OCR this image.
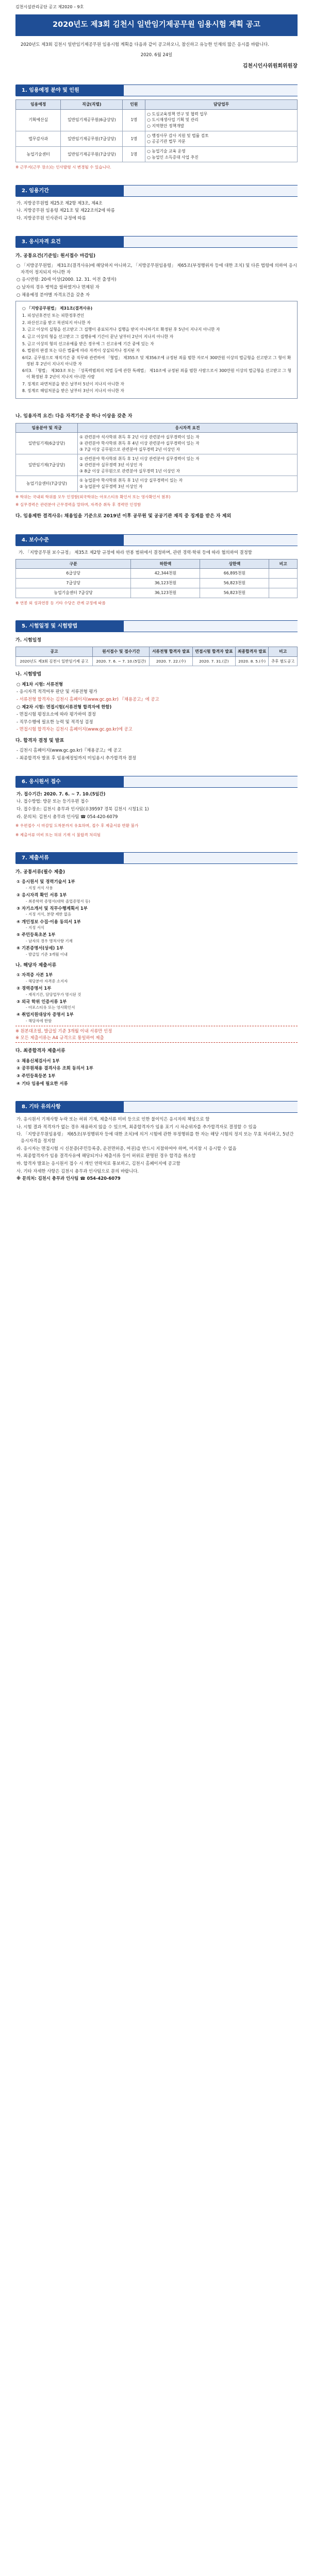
김천시설관리공단 공고 제2020 – 9호
2020년도 제3회 김천시 일반임기제공무원 임용시험 계획 공고
2020년도 제3회 김천시 일반임기제공무원 임용시험 계획을 다음과 같이 공고하오니, 참신하고 유능한 인재의 많은 응시를 바랍니다.
2020. 6월 24일
김천시인사위원회위원장
1. 임용예정 분야 및 인원
임용예정	직급(직렬)	인원	담당업무
기획예산실	일반임기제공무원(6급상당)	1명	○ 도심교육정책 연구 및 협력 업무
○ 도시재생사업 기획 및 관리
○ 지역현안 정책개발

법무감사과	일반임기제공무원(7급상당)	1명	○ 행정사무 감사 지원 및 법률 검토
○ 공공기관 법무 자문

농업기술센터	일반임기제공무원(7급상당)	1명	○ 농업기술 교육 운영
○ 농업인 소득증대 사업 추진
※ 근무지(근무 장소)는 인사발령 시 변경될 수 있습니다.
2. 임용기간
가. 지방공무원법 제25조 제2항 제3조, 제4조
나. 지방공무원 임용령 제21조 및 제22조의2에 따름
다. 지방공무원 인사관리 규정에 따름
3. 응시자격 요건
가. 공통요건(기준일: 원서접수 마감일)
○ 「지방공무원법」 제31조(결격사유)에 해당하지 아니하고, 「지방공무원임용령」 제65조(부정행위자 등에 대한 조치) 및 다른 법령에 의하여 응시자격이 정지되지 아니한 자
○ 응시연령: 20세 이상(2000. 12. 31. 이전 출생자)
○ 남자의 경우 병역을 필하였거나 면제된 자
○ 채용예정 분야별 자격요건을 갖춘 자
○ 「지방공무원법」 제31조(결격사유)
1. 피성년후견인 또는 피한정후견인
2. 파산선고를 받고 복권되지 아니한 자
3. 금고 이상의 실형을 선고받고 그 집행이 종료되거나 집행을 받지 아니하기로 확정된 후 5년이 지나지 아니한 자
4. 금고 이상의 형을 선고받고 그 집행유예 기간이 끝난 날부터 2년이 지나지 아니한 자
5. 금고 이상의 형의 선고유예를 받은 경우에 그 선고유예 기간 중에 있는 자
6. 법원의 판결 또는 다른 법률에 따라 자격이 상실되거나 정지된 자
6의2. 공무원으로 재직기간 중 직무와 관련하여 「형법」 제355조 및 제356조에 규정된 죄를 범한 자로서 300만원 이상의 벌금형을 선고받고 그 형이 확정된 후 2년이 지나지 아니한 자
6의3. 「형법」 제303조 또는 「성폭력범죄의 처벌 등에 관한 특례법」 제10조에 규정된 죄를 범한 사람으로서 300만원 이상의 벌금형을 선고받고 그 형이 확정된 후 2년이 지나지 아니한 사람
7. 징계로 파면처분을 받은 날부터 5년이 지나지 아니한 자
8. 징계로 해임처분을 받은 날부터 3년이 지나지 아니한 자
나. 임용자격 요건: 다음 자격기준 중 하나 이상을 갖춘 자
임용분야 및 직급	응시자격 요건
일반임기제(6급상당)	① 관련분야 석사학위 취득 후 2년 이상 관련분야 실무경력이 있는 자
② 관련분야 학사학위 취득 후 4년 이상 관련분야 실무경력이 있는 자
③ 7급 이상 공무원으로 관련분야 실무경력 2년 이상인 자

일반임기제(7급상당)	① 관련분야 학사학위 취득 후 1년 이상 관련분야 실무경력이 있는 자
② 관련분야 실무경력 3년 이상인 자
③ 8급 이상 공무원으로 관련분야 실무경력 1년 이상인 자

농업기술센터(7급상당)	① 농업분야 학사학위 취득 후 1년 이상 실무경력이 있는 자
② 농업분야 실무경력 3년 이상인 자
※ 학위는 국내외 학위를 모두 인정함(외국학위는 아포스티유 확인서 또는 영사확인서 첨부)
※ 실무경력은 관련분야 근무경력을 말하며, 자격증 취득 후 경력만 인정함
다. 임용제한 결격사유: 채용일을 기준으로 2019년 이후 공무원 및 공공기관 재직 중 징계를 받은 자 제외
4. 보수수준
가. 「지방공무원 보수규정」 제35조 제2항 규정에 따라 연봉 범위에서 결정하며, 관련 경력·학위 등에 따라 협의하여 결정함
구분	하한액	상한액	비고
6급상당	42,344천원	66,895천원	
7급상당	36,123천원	56,823천원	
농업기술센터 7급상당	36,123천원	56,823천원	
※ 연봉 외 성과연봉 등 기타 수당은 관계 규정에 따름
5. 시험일정 및 시험방법
가. 시험일정
공고	원서접수 및 접수기간	서류전형 합격자 발표	면접시험 합격자 발표	최종합격자 발표	비고
2020년도 제3회 김천시 일반임기제 공고	2020. 7. 6. ~ 7. 10.(5일간)	2020. 7. 22.(수)	2020. 7. 31.(금)	2020. 8. 5.(수)	추후 별도공고
나. 시험방법
○ 제1차 시험: 서류전형
- 응시자격 적격여부 판단 및 서류전형 평가
- 서류전형 합격자는 김천시 홈페이지(www.gc.go.kr) 『채용공고』에 공고
○ 제2차 시험: 면접시험(서류전형 합격자에 한함)
- 면접시험 평정요소에 따라 평가하여 결정
- 직무수행에 필요한 능력 및 적격성 검정
- 면접시험 합격자는 김천시 홈페이지(www.gc.go.kr)에 공고
다. 합격자 결정 및 발표
- 김천시 홈페이지(www.gc.go.kr)『채용공고』에 공고
- 최종합격자 발표 후 임용예정일까지 미임용시 추가합격자 결정
6. 응시원서 접수
가. 접수기간: 2020. 7. 6. ~ 7. 10.(5일간)
나. 접수방법: 방문 또는 등기우편 접수
다. 접수장소: 김천시 총무과 인사팀(우39597 경북 김천시 시청1로 1)
라. 문의처: 김천시 총무과 인사팀 ☎ 054-420-6079
※ 우편접수 시 마감일 도착분까지 유효하며, 접수 후 제출서류 반환 불가
※ 제출서류 미비 또는 허위 기재 시 불합격 처리됨
7. 제출서류
가. 공통서류(필수 제출)
① 응시원서 및 경력기술서 1부
- 지정 서식 사용
② 응시자격 확인 서류 1부
- 최종학력 증명서(대학 졸업증명서 등)
③ 자기소개서 및 직무수행계획서 1부
- 지정 서식, 분량 제한 없음
④ 개인정보 수집·이용 동의서 1부
- 지정 서식
⑤ 주민등록초본 1부
- 남자의 경우 병적사항 기재
⑥ 기본증명서(상세) 1부
- 발급일 기준 3개월 이내
나. 해당자 제출서류
① 자격증 사본 1부
- 해당분야 자격증 소지자
② 경력증명서 1부
- 재직기간, 담당업무가 명시된 것
③ 외국 학위 인증서류 1부
- 아포스티유 또는 영사확인서
④ 취업지원대상자 증명서 1부
- 해당자에 한함
※ 원본대조필, 발급일 기준 3개월 이내 서류만 인정
※ 모든 제출서류는 A4 규격으로 통일하여 제출
다. 최종합격자 제출서류
① 채용신체검사서 1부
② 공무원채용 결격사유 조회 동의서 1부
③ 주민등록등본 1부
④ 기타 임용에 필요한 서류
8. 기타 유의사항
가. 응시원서 기재사항 누락 또는 허위 기재, 제출서류 미비 등으로 인한 불이익은 응시자의 책임으로 함
나. 시험 결과 적격자가 없는 경우 채용하지 않을 수 있으며, 최종합격자가 임용 포기 시 차순위자를 추가합격자로 결정할 수 있음
다. 「지방공무원임용령」 제65조(부정행위자 등에 대한 조치)에 의거 시험에 관한 부정행위를 한 자는 해당 시험의 정지 또는 무효 처리하고, 5년간 응시자격을 정지함
라. 응시자는 면접시험 시 신분증(주민등록증, 운전면허증, 여권)을 반드시 지참하여야 하며, 미지참 시 응시할 수 없음
마. 최종합격자가 임용 결격사유에 해당되거나 제출서류 등이 허위로 판명된 경우 합격을 취소함
바. 합격자 발표는 응시원서 접수 시 개인 연락처로 통보하고, 김천시 홈페이지에 공고함
사. 기타 자세한 사항은 김천시 총무과 인사팀으로 문의 바랍니다.
※ 문의처: 김천시 총무과 인사팀 ☎ 054-420-6079
